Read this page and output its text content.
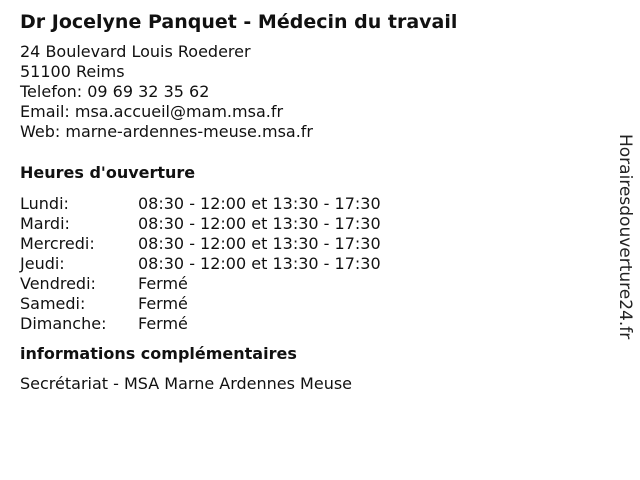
Dr Jocelyne Panquet - Médecin du travail
24 Boulevard Louis Roederer
51100 Reims
Telefon: 09 69 32 35 62
Email: msa.accueil@mam.msa.fr
Web: marne-ardennes-meuse.msa.fr
Heures d'ouverture
Lundi:	08:30 - 12:00 et 13:30 - 17:30
Mardi:	08:30 - 12:00 et 13:30 - 17:30
Mercredi:	08:30 - 12:00 et 13:30 - 17:30
Jeudi:	08:30 - 12:00 et 13:30 - 17:30
Vendredi:	Fermé
Samedi:	Fermé
Dimanche:	Fermé
informations complémentaires
Secrétariat - MSA Marne Ardennes Meuse
Horairesdouverture24.fr
